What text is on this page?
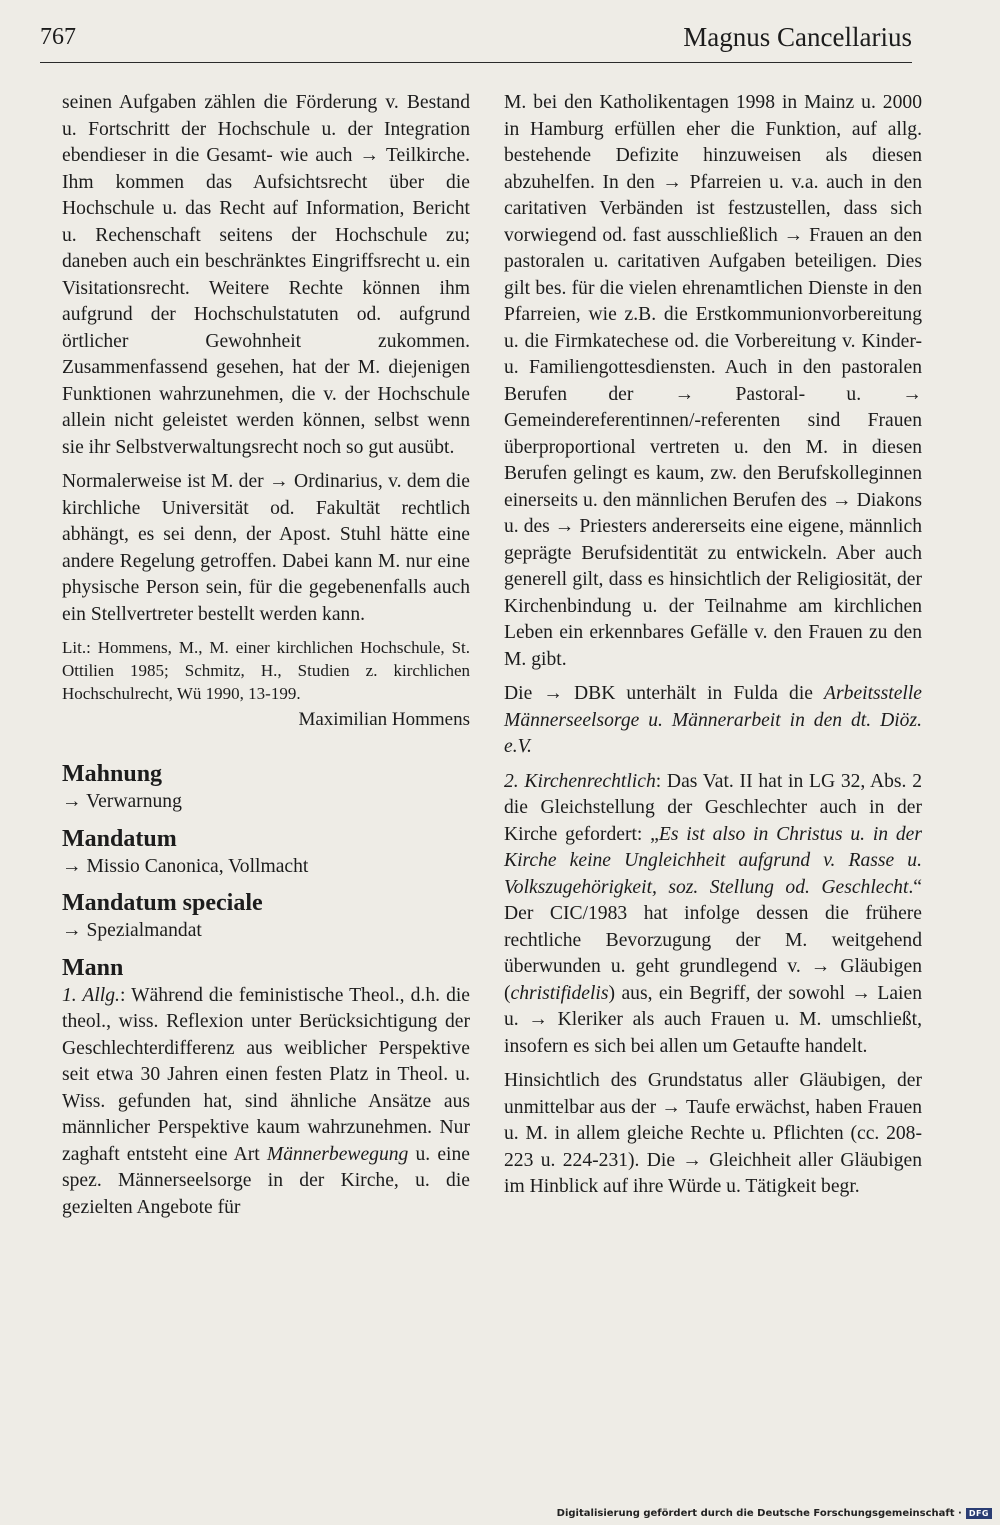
767	Magnus Cancellarius

seinen Aufgaben zählen die Förderung v. Bestand u. Fortschritt der Hochschule u. der Integration ebendieser in die Gesamt- wie auch → Teilkirche. Ihm kommen das Aufsichtsrecht über die Hochschule u. das Recht auf Information, Bericht u. Rechenschaft seitens der Hochschule zu; daneben auch ein beschränktes Eingriffsrecht u. ein Visitationsrecht. Weitere Rechte können ihm aufgrund der Hochschulstatuten od. aufgrund örtlicher Gewohnheit zukommen. Zusammenfassend gesehen, hat der M. diejenigen Funktionen wahrzunehmen, die v. der Hochschule allein nicht geleistet werden können, selbst wenn sie ihr Selbstverwaltungsrecht noch so gut ausübt.

Normalerweise ist M. der → Ordinarius, v. dem die kirchliche Universität od. Fakultät rechtlich abhängt, es sei denn, der Apost. Stuhl hätte eine andere Regelung getroffen. Dabei kann M. nur eine physische Person sein, für die gegebenenfalls auch ein Stellvertreter bestellt werden kann.

Lit.: Hommens, M., M. einer kirchlichen Hochschule, St. Ottilien 1985; Schmitz, H., Studien z. kirchlichen Hochschulrecht, Wü 1990, 13-199.

Maximilian Hommens

Mahnung

→ Verwarnung

Mandatum

→ Missio Canonica, Vollmacht

Mandatum speciale

→ Spezialmandat

Mann

1. Allg.: Während die feministische Theol., d.h. die theol., wiss. Reflexion unter Berücksichtigung der Geschlechterdifferenz aus weiblicher Perspektive seit etwa 30 Jahren einen festen Platz in Theol. u. Wiss. gefunden hat, sind ähnliche Ansätze aus männlicher Perspektive kaum wahrzunehmen. Nur zaghaft entsteht eine Art Männerbewegung u. eine spez. Männerseelsorge in der Kirche, u. die gezielten Angebote für

M. bei den Katholikentagen 1998 in Mainz u. 2000 in Hamburg erfüllen eher die Funktion, auf allg. bestehende Defizite hinzuweisen als diesen abzuhelfen. In den → Pfarreien u. v.a. auch in den caritativen Verbänden ist festzustellen, dass sich vorwiegend od. fast ausschließlich → Frauen an den pastoralen u. caritativen Aufgaben beteiligen. Dies gilt bes. für die vielen ehrenamtlichen Dienste in den Pfarreien, wie z.B. die Erstkommunionvorbereitung u. die Firmkatechese od. die Vorbereitung v. Kinder- u. Familiengottesdiensten. Auch in den pastoralen Berufen der → Pastoral- u. → Gemeindereferentinnen/-referenten sind Frauen überproportional vertreten u. den M. in diesen Berufen gelingt es kaum, zw. den Berufskolleginnen einerseits u. den männlichen Berufen des → Diakons u. des → Priesters andererseits eine eigene, männlich geprägte Berufsidentität zu entwickeln. Aber auch generell gilt, dass es hinsichtlich der Religiosität, der Kirchenbindung u. der Teilnahme am kirchlichen Leben ein erkennbares Gefälle v. den Frauen zu den M. gibt.

Die → DBK unterhält in Fulda die Arbeitsstelle Männerseelsorge u. Männerarbeit in den dt. Diöz. e.V.

2. Kirchenrechtlich: Das Vat. II hat in LG 32, Abs. 2 die Gleichstellung der Geschlechter auch in der Kirche gefordert: „Es ist also in Christus u. in der Kirche keine Ungleichheit aufgrund v. Rasse u. Volkszugehörigkeit, soz. Stellung od. Geschlecht.“ Der CIC/1983 hat infolge dessen die frühere rechtliche Bevorzugung der M. weitgehend überwunden u. geht grundlegend v. → Gläubigen (christifidelis) aus, ein Begriff, der sowohl → Laien u. → Kleriker als auch Frauen u. M. umschließt, insofern es sich bei allen um Getaufte handelt.

Hinsichtlich des Grundstatus aller Gläubigen, der unmittelbar aus der → Taufe erwächst, haben Frauen u. M. in allem gleiche Rechte u. Pflichten (cc. 208-223 u. 224-231). Die → Gleichheit aller Gläubigen im Hinblick auf ihre Würde u. Tätigkeit begr.

Digitalisierung gefördert durch die Deutsche Forschungsgemeinschaft · DFG
